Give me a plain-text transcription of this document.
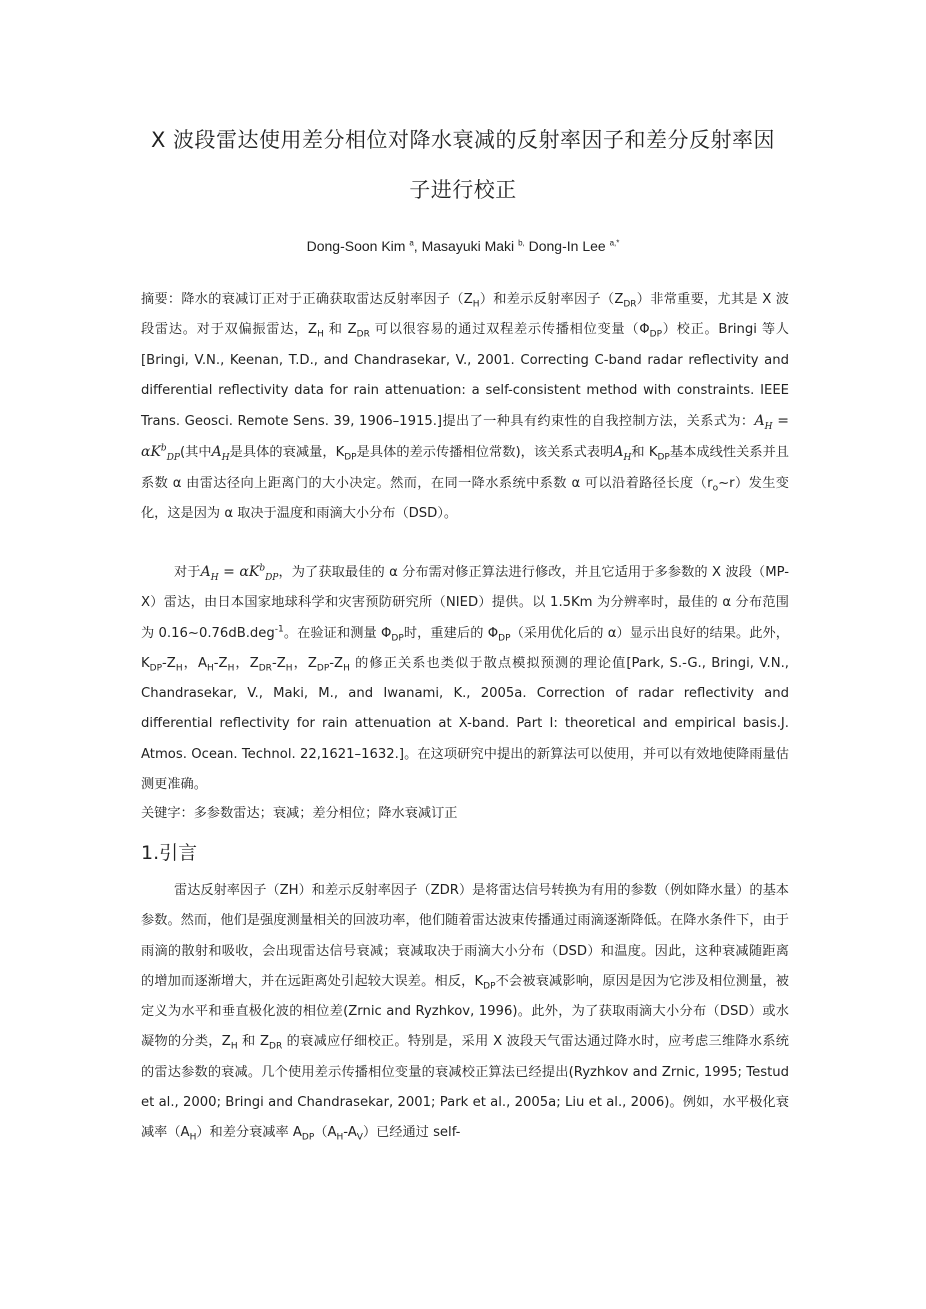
X 波段雷达使用差分相位对降水衰减的反射率因子和差分反射率因
子进行校正
Dong-Soon Kim $^a$, Masayuki Maki $^{b,}$ Dong-In Lee $^{a,*}$
摘要：降水的衰减订正对于正确获取雷达反射率因子$(Z_H)$和差示反射率因子$(Z_{DR})$非常重要，尤其是 X 波段雷达。对于双偏振雷达，$Z_H$ 和 $Z_{DR}$ 可以很容易的通过双程差示传播相位变量$(\Phi_{DP})$校正。Bringi 等人[Bringi, V.N., Keenan, T.D., and Chandrasekar, V., 2001. Correcting C-band radar reflectivity and differential reflectivity data for rain attenuation: a self-consistent method with constraints. IEEE Trans. Geosci. Remote Sens. 39, 1906–1915.]提出了一种具有约束性的自我控制方法，关系式为：$A_H = \alpha K^b_{DP}$(其中$A_H$是具体的衰减量，$K_{DP}$是具体的差示传播相位常数)，该关系式表明$A_H$和 $K_{DP}$基本成线性关系并且系数 α 由雷达径向上距离门的大小决定。然而，在同一降水系统中系数 α 可以沿着路径长度$(r_o\sim r)$发生变化，这是因为 α 取决于温度和雨滴大小分布（DSD）。
对于$A_H = \alpha K^b_{DP}$，为了获取最佳的 α 分布需对修正算法进行修改，并且它适用于多参数的 X 波段（MP-X）雷达，由日本国家地球科学和灾害预防研究所（NIED）提供。以 1.5Km 为分辨率时，最佳的 α 分布范围为 0.16~0.76dB.deg$^{-1}$。在验证和测量 $\Phi_{DP}$时，重建后的 $\Phi_{DP}$（采用优化后的 α）显示出良好的结果。此外，$K_{DP}-Z_H$，$A_H-Z_H$，$Z_{DR}-Z_H$，$Z_{DP}-Z_H$ 的修正关系也类似于散点模拟预测的理论值[Park, S.-G., Bringi, V.N., Chandrasekar, V., Maki, M., and Iwanami, K., 2005a. Correction of radar reflectivity and differential reflectivity for rain attenuation at X-band. Part I: theoretical and empirical basis.J. Atmos. Ocean. Technol. 22,1621–1632.]。在这项研究中提出的新算法可以使用，并可以有效地使降雨量估测更准确。
关键字：多参数雷达；衰减；差分相位；降水衰减订正
1.引言
雷达反射率因子（ZH）和差示反射率因子（ZDR）是将雷达信号转换为有用的参数（例如降水量）的基本参数。然而，他们是强度测量相关的回波功率，他们随着雷达波束传播通过雨滴逐渐降低。在降水条件下，由于雨滴的散射和吸收，会出现雷达信号衰减；衰减取决于雨滴大小分布（DSD）和温度。因此，这种衰减随距离的增加而逐渐增大，并在远距离处引起较大误差。相反，$K_{DP}$不会被衰减影响，原因是因为它涉及相位测量，被定义为水平和垂直极化波的相位差(Zrnic and Ryzhkov, 1996)。此外，为了获取雨滴大小分布（DSD）或水凝物的分类，$Z_H$ 和 $Z_{DR}$ 的衰减应仔细校正。特别是，采用 X 波段天气雷达通过降水时，应考虑三维降水系统的雷达参数的衰减。几个使用差示传播相位变量的衰减校正算法已经提出(Ryzhkov and Zrnic, 1995; Testud et al., 2000; Bringi and Chandrasekar, 2001; Park et al., 2005a; Liu et al., 2006)。例如，水平极化衰减率$(A_H)$和差分衰减率 $A_{DP}(A_H-A_V)$已经通过 self-
